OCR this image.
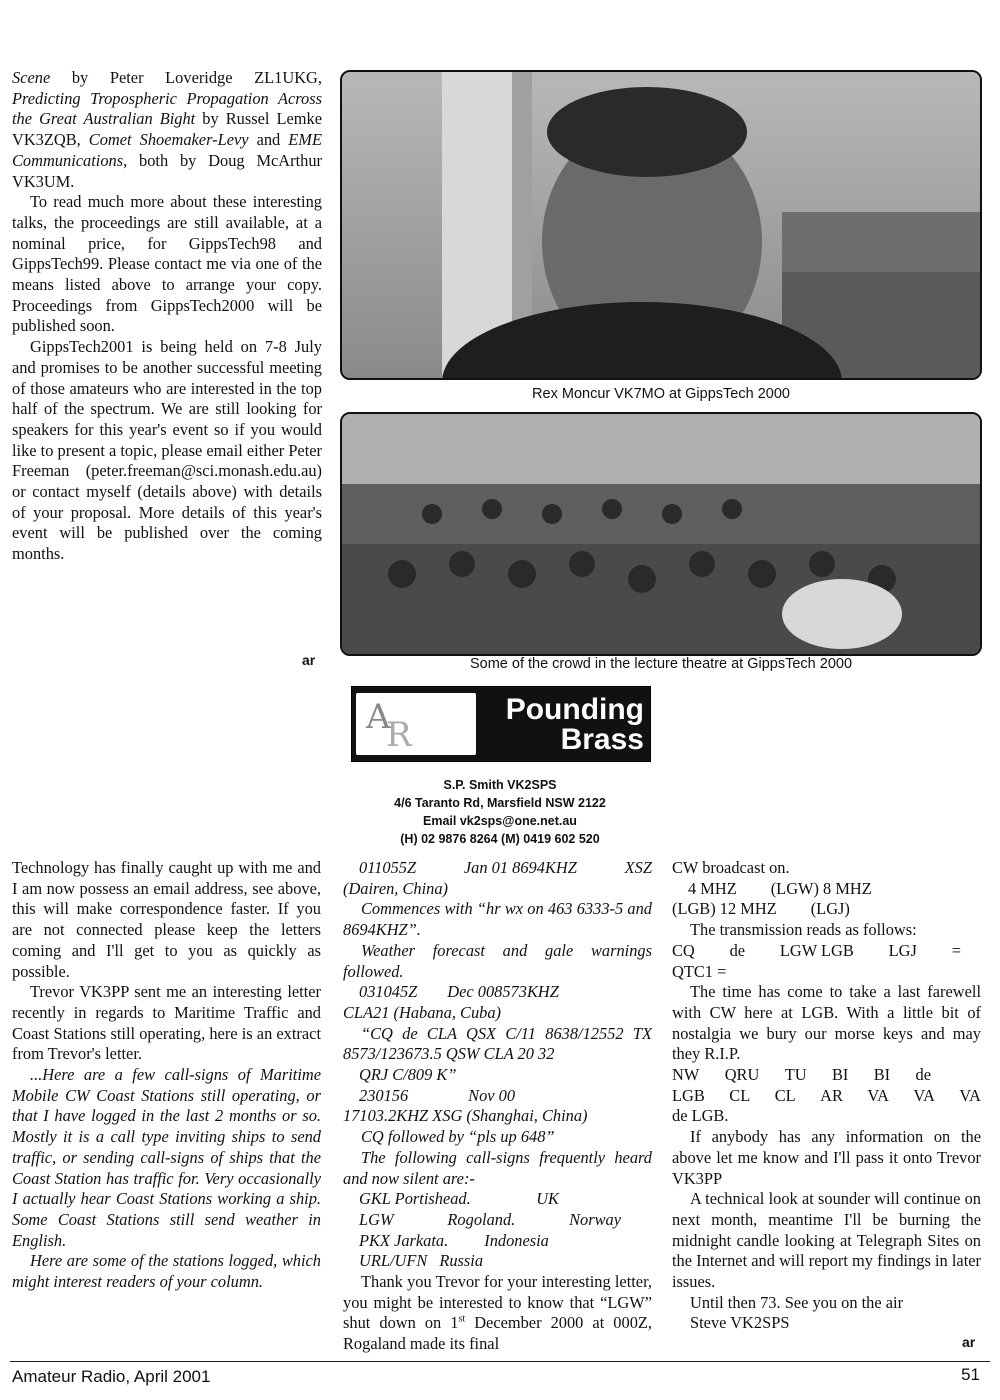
Scene by Peter Loveridge ZL1UKG, Predicting Tropospheric Propagation Across the Great Australian Bight by Russel Lemke VK3ZQB, Comet Shoemaker-Levy and EME Communications, both by Doug McArthur VK3UM.

To read much more about these interesting talks, the proceedings are still available, at a nominal price, for GippsTech98 and GippsTech99. Please contact me via one of the means listed above to arrange your copy. Proceedings from GippsTech2000 will be published soon.

GippsTech2001 is being held on 7-8 July and promises to be another successful meeting of those amateurs who are interested in the top half of the spectrum. We are still looking for speakers for this year's event so if you would like to present a topic, please email either Peter Freeman (peter.freeman@sci.monash.edu.au) or contact myself (details above) with details of your proposal. More details of this year's event will be published over the coming months.

ar
Rex Moncur VK7MO at GippsTech 2000
Some of the crowd in the lecture theatre at GippsTech 2000
A
R
Pounding
Brass
S.P. Smith VK2SPS
4/6 Taranto Rd, Marsfield NSW 2122
Email vk2sps@one.net.au
(H) 02 9876 8264 (M) 0419 602 520

Technology has finally caught up with me and I am now possess an email address, see above, this will make correspondence faster. If you are not connected please keep the letters coming and I'll get to you as quickly as possible.

Trevor VK3PP sent me an interesting letter recently in regards to Maritime Traffic and Coast Stations still operating, here is an extract from Trevor's letter.

...Here are a few call-signs of Maritime Mobile CW Coast Stations still operating, or that I have logged in the last 2 months or so. Mostly it is a call type inviting ships to send traffic, or sending call-signs of ships that the Coast Station has traffic for. Very occasionally I actually hear Coast Stations working a ship. Some Coast Stations still send weather in English.

Here are some of the stations logged, which might interest readers of your column.

011055Z	Jan 01 8694KHZ	XSZ
(Dairen, China)

Commences with “hr wx on 463 6333-5 and 8694KHZ”.

Weather forecast and gale warnings followed.

031045Z Dec 008573KHZ
CLA21 (Habana, Cuba)

“CQ de CLA QSX C/11 8638/12552 TX 8573/123673.5 QSW CLA 20 32

QRJ C/809 K”
230156	Nov 00
17103.2KHZ XSG (Shanghai, China)

CQ followed by “pls up 648”

The following call-signs frequently heard and now silent are:-

GKL Portishead.	UK
LGW	Rogoland.	Norway
PKX Jarkata. Indonesia
URL/UFN Russia

Thank you Trevor for your interesting letter, you might be interested to know that “LGW” shut down on 1st December 2000 at 000Z, Rogaland made its final

CW broadcast on.
4 MHZ (LGW) 8 MHZ
(LGB) 12 MHZ (LGJ)

The transmission reads as follows:

CQ de LGW LGB LGJ =
QTC1 =

The time has come to take a last farewell with CW here at LGB. With a little bit of nostalgia we bury our morse keys and may they R.I.P.

NW QRU TU BI BI de
LGB CL CL AR VA VA VA
de LGB.

If anybody has any information on the above let me know and I'll pass it onto Trevor VK3PP

A technical look at sounder will continue on next month, meantime I'll be burning the midnight candle looking at Telegraph Sites on the Internet and will report my findings in later issues.

Until then 73. See you on the air

Steve VK2SPS
ar
Amateur Radio, April 2001	51
